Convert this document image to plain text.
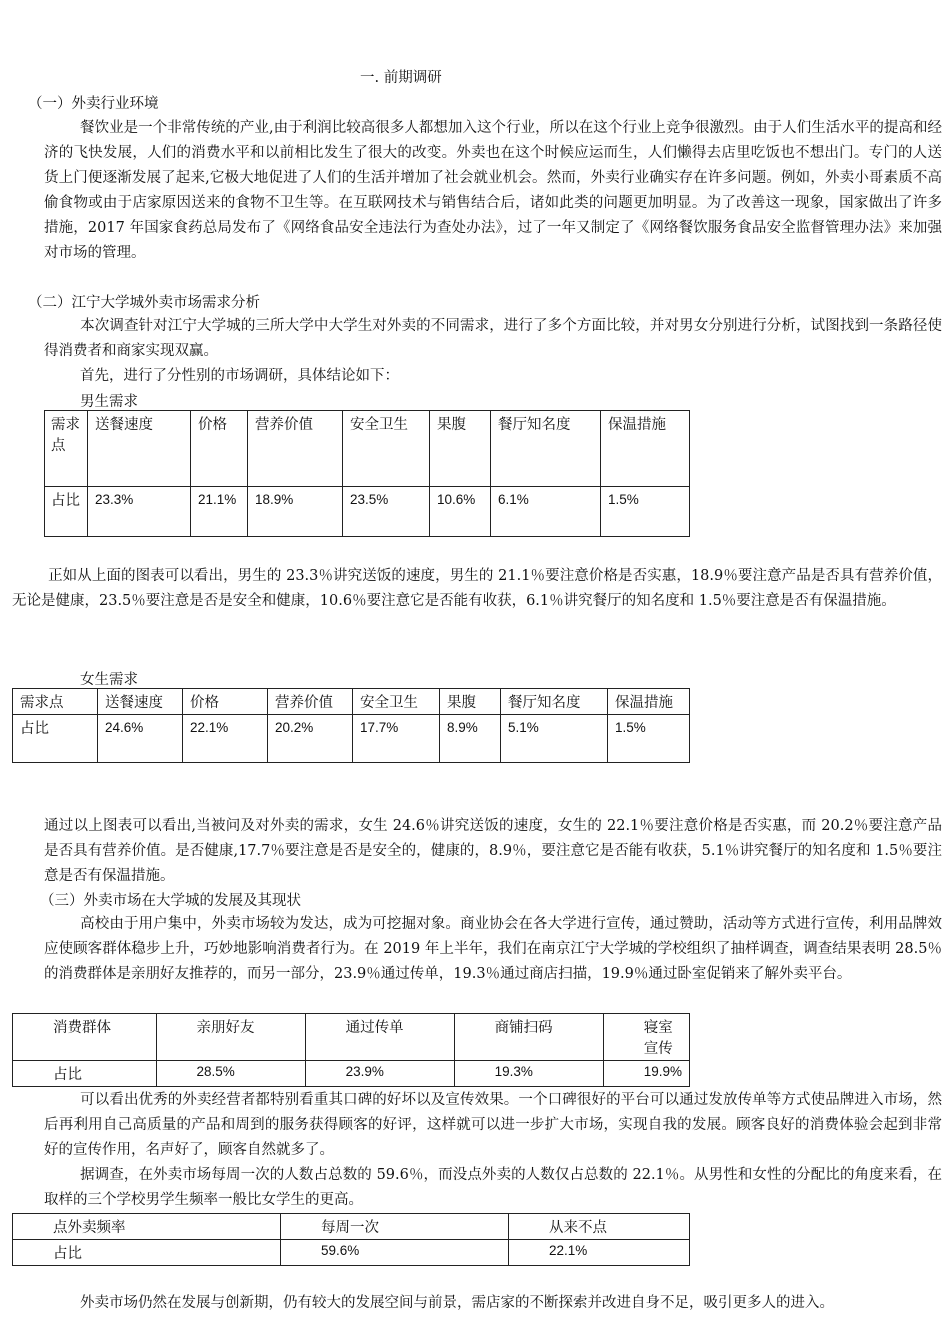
一. 前期调研
（一）外卖行业环境

餐饮业是一个非常传统的产业,由于利润比较高很多人都想加入这个行业，所以在这个行业上竞争很激烈。由于人们生活水平的提高和经济的飞快发展，人们的消费水平和以前相比发生了很大的改变。外卖也在这个时候应运而生，人们懒得去店里吃饭也不想出门。专门的人送货上门便逐渐发展了起来,它极大地促进了人们的生活并增加了社会就业机会。然而，外卖行业确实存在许多问题。例如，外卖小哥素质不高偷食物或由于店家原因送来的食物不卫生等。在互联网技术与销售结合后，诸如此类的问题更加明显。为了改善这一现象，国家做出了许多措施，2017 年国家食药总局发布了《网络食品安全违法行为查处办法》，过了一年又制定了《网络餐饮服务食品安全监督管理办法》来加强对市场的管理。

（二）江宁大学城外卖市场需求分析

本次调查针对江宁大学城的三所大学中大学生对外卖的不同需求，进行了多个方面比较，并对男女分别进行分析，试图找到一条路径使得消费者和商家实现双赢。

首先，进行了分性别的市场调研，具体结论如下：

男生需求
需求点	送餐速度	价格	营养价值	安全卫生	果腹	餐厅知名度	保温措施
占比	23.3%	21.1%	18.9%	23.5%	10.6%	6.1%	1.5%

正如从上面的图表可以看出，男生的 23.3％讲究送饭的速度，男生的 21.1％要注意价格是否实惠，18.9％要注意产品是否具有营养价值，无论是健康，23.5％要注意是否是安全和健康，10.6％要注意它是否能有收获，6.1％讲究餐厅的知名度和 1.5％要注意是否有保温措施。

女生需求
需求点	送餐速度	价格	营养价值	安全卫生	果腹	餐厅知名度	保温措施
占比	24.6%	22.1%	20.2%	17.7%	8.9%	5.1%	1.5%

通过以上图表可以看出,当被问及对外卖的需求，女生 24.6％讲究送饭的速度，女生的 22.1％要注意价格是否实惠，而 20.2％要注意产品是否具有营养价值。是否健康,17.7％要注意是否是安全的，健康的，8.9％，要注意它是否能有收获，5.1％讲究餐厅的知名度和 1.5％要注意是否有保温措施。

（三）外卖市场在大学城的发展及其现状

高校由于用户集中，外卖市场较为发达，成为可挖掘对象。商业协会在各大学进行宣传，通过赞助，活动等方式进行宣传，利用品牌效应使顾客群体稳步上升，巧妙地影响消费者行为。在 2019 年上半年，我们在南京江宁大学城的学校组织了抽样调查，调查结果表明 28.5％的消费群体是亲朋好友推荐的，而另一部分，23.9％通过传单，19.3％通过商店扫描，19.9％通过卧室促销来了解外卖平台。

消费群体	亲朋好友	通过传单	商铺扫码	寝室宣传
占比	28.5%	23.9%	19.3%	19.9%

可以看出优秀的外卖经营者都特别看重其口碑的好坏以及宣传效果。一个口碑很好的平台可以通过发放传单等方式使品牌进入市场，然后再利用自己高质量的产品和周到的服务获得顾客的好评，这样就可以进一步扩大市场，实现自我的发展。顾客良好的消费体验会起到非常好的宣传作用，名声好了，顾客自然就多了。

据调查，在外卖市场每周一次的人数占总数的 59.6％，而没点外卖的人数仅占总数的 22.1％。从男性和女性的分配比的角度来看，在取样的三个学校男学生频率一般比女学生的更高。

点外卖频率	每周一次	从来不点
占比	59.6%	22.1%

外卖市场仍然在发展与创新期，仍有较大的发展空间与前景，需店家的不断探索并改进自身不足，吸引更多人的进入。
